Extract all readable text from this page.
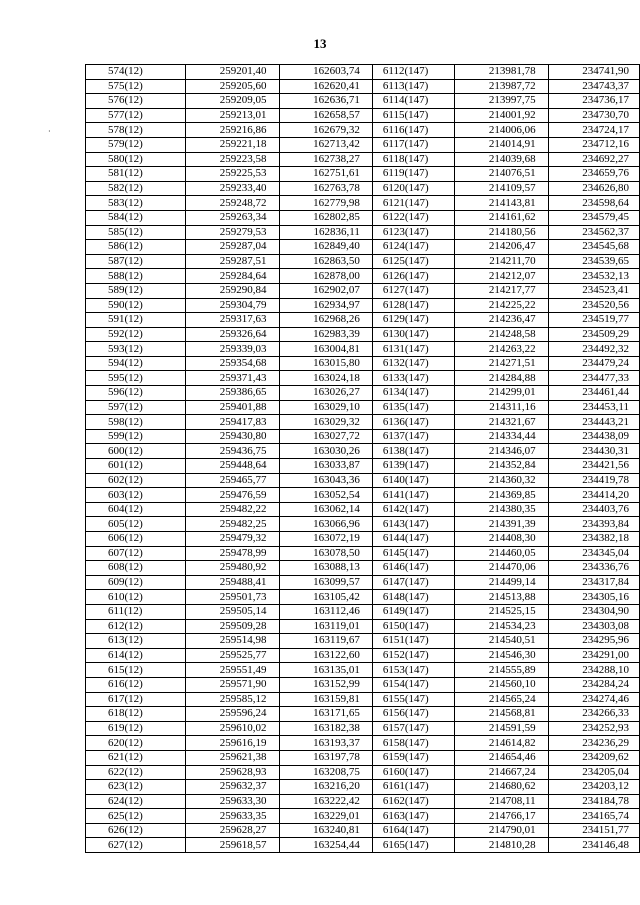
13
·
574(12)	259201,40	162603,74	6112(147)	213981,78	234741,90
575(12)	259205,60	162620,41	6113(147)	213987,72	234743,37
576(12)	259209,05	162636,71	6114(147)	213997,75	234736,17
577(12)	259213,01	162658,57	6115(147)	214001,92	234730,70
578(12)	259216,86	162679,32	6116(147)	214006,06	234724,17
579(12)	259221,18	162713,42	6117(147)	214014,91	234712,16
580(12)	259223,58	162738,27	6118(147)	214039,68	234692,27
581(12)	259225,53	162751,61	6119(147)	214076,51	234659,76
582(12)	259233,40	162763,78	6120(147)	214109,57	234626,80
583(12)	259248,72	162779,98	6121(147)	214143,81	234598,64
584(12)	259263,34	162802,85	6122(147)	214161,62	234579,45
585(12)	259279,53	162836,11	6123(147)	214180,56	234562,37
586(12)	259287,04	162849,40	6124(147)	214206,47	234545,68
587(12)	259287,51	162863,50	6125(147)	214211,70	234539,65
588(12)	259284,64	162878,00	6126(147)	214212,07	234532,13
589(12)	259290,84	162902,07	6127(147)	214217,77	234523,41
590(12)	259304,79	162934,97	6128(147)	214225,22	234520,56
591(12)	259317,63	162968,26	6129(147)	214236,47	234519,77
592(12)	259326,64	162983,39	6130(147)	214248,58	234509,29
593(12)	259339,03	163004,81	6131(147)	214263,22	234492,32
594(12)	259354,68	163015,80	6132(147)	214271,51	234479,24
595(12)	259371,43	163024,18	6133(147)	214284,88	234477,33
596(12)	259386,65	163026,27	6134(147)	214299,01	234461,44
597(12)	259401,88	163029,10	6135(147)	214311,16	234453,11
598(12)	259417,83	163029,32	6136(147)	214321,67	234443,21
599(12)	259430,80	163027,72	6137(147)	214334,44	234438,09
600(12)	259436,75	163030,26	6138(147)	214346,07	234430,31
601(12)	259448,64	163033,87	6139(147)	214352,84	234421,56
602(12)	259465,77	163043,36	6140(147)	214360,32	234419,78
603(12)	259476,59	163052,54	6141(147)	214369,85	234414,20
604(12)	259482,22	163062,14	6142(147)	214380,35	234403,76
605(12)	259482,25	163066,96	6143(147)	214391,39	234393,84
606(12)	259479,32	163072,19	6144(147)	214408,30	234382,18
607(12)	259478,99	163078,50	6145(147)	214460,05	234345,04
608(12)	259480,92	163088,13	6146(147)	214470,06	234336,76
609(12)	259488,41	163099,57	6147(147)	214499,14	234317,84
610(12)	259501,73	163105,42	6148(147)	214513,88	234305,16
611(12)	259505,14	163112,46	6149(147)	214525,15	234304,90
612(12)	259509,28	163119,01	6150(147)	214534,23	234303,08
613(12)	259514,98	163119,67	6151(147)	214540,51	234295,96
614(12)	259525,77	163122,60	6152(147)	214546,30	234291,00
615(12)	259551,49	163135,01	6153(147)	214555,89	234288,10
616(12)	259571,90	163152,99	6154(147)	214560,10	234284,24
617(12)	259585,12	163159,81	6155(147)	214565,24	234274,46
618(12)	259596,24	163171,65	6156(147)	214568,81	234266,33
619(12)	259610,02	163182,38	6157(147)	214591,59	234252,93
620(12)	259616,19	163193,37	6158(147)	214614,82	234236,29
621(12)	259621,38	163197,78	6159(147)	214654,46	234209,62
622(12)	259628,93	163208,75	6160(147)	214667,24	234205,04
623(12)	259632,37	163216,20	6161(147)	214680,62	234203,12
624(12)	259633,30	163222,42	6162(147)	214708,11	234184,78
625(12)	259633,35	163229,01	6163(147)	214766,17	234165,74
626(12)	259628,27	163240,81	6164(147)	214790,01	234151,77
627(12)	259618,57	163254,44	6165(147)	214810,28	234146,48
